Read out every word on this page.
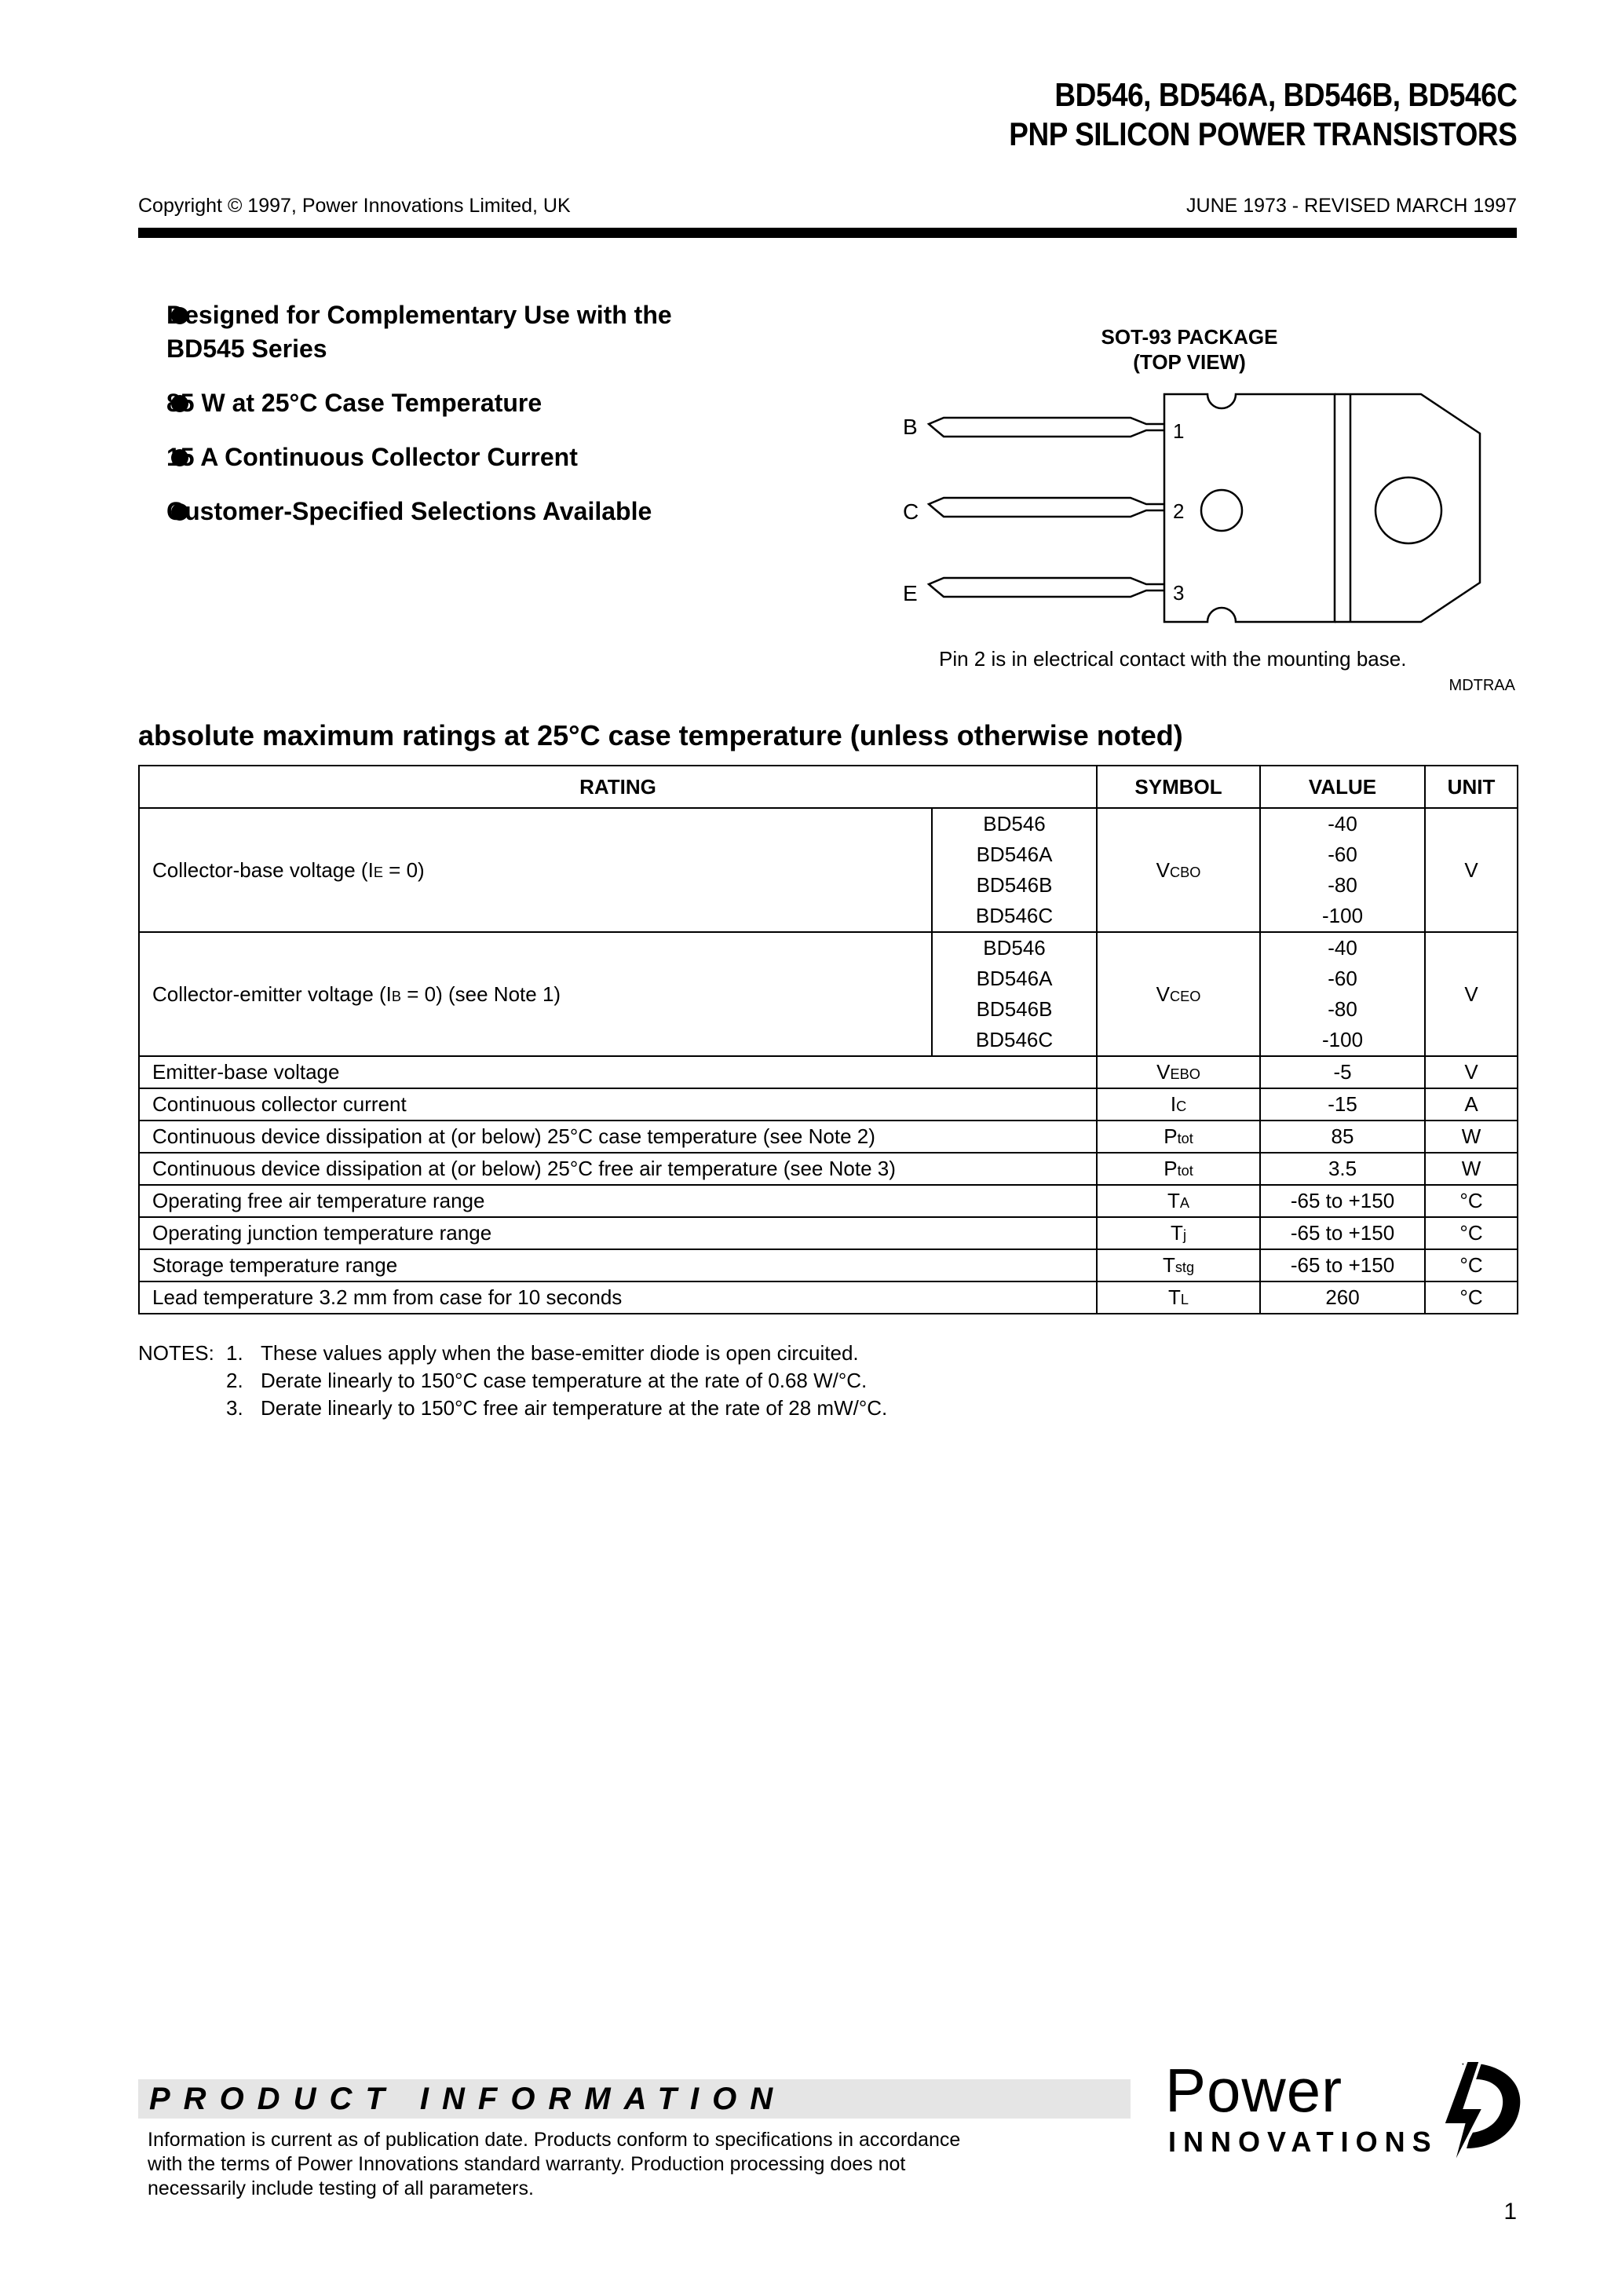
BD546, BD546A, BD546B, BD546C
PNP SILICON POWER TRANSISTORS
Copyright © 1997, Power Innovations Limited, UK	JUNE 1973 - REVISED MARCH 1997
Designed for Complementary Use with the
BD545 Series
85 W at 25°C Case Temperature
15 A Continuous Collector Current
Customer-Specified Selections Available
SOT-93 PACKAGE
(TOP VIEW)
B
C
E
1
2
3
Pin 2 is in electrical contact with the mounting base.
MDTRAA
absolute maximum ratings at 25°C case temperature (unless otherwise noted)
RATING		SYMBOL	VALUE	UNIT
Collector-base voltage $(I_E = 0)$	BD546	$V_{CBO}$	-40	V
	BD546A		-60	
	BD546B		-80	
	BD546C		-100	
Collector-emitter voltage $(I_B = 0)$ (see Note 1)	BD546	$V_{CEO}$	-40	V
	BD546A		-60	
	BD546B		-80	
	BD546C		-100	
Emitter-base voltage		$V_{EBO}$	-5	V
Continuous collector current		$I_C$	-15	A
Continuous device dissipation at (or below) 25°C case temperature (see Note 2)		$P_{tot}$	85	W
Continuous device dissipation at (or below) 25°C free air temperature (see Note 3)		$P_{tot}$	3.5	W
Operating free air temperature range		$T_A$	-65 to +150	°C
Operating junction temperature range		$T_j$	-65 to +150	°C
Storage temperature range		$T_{stg}$	-65 to +150	°C
Lead temperature 3.2 mm from case for 10 seconds		$T_L$	260	°C
NOTES: 1. These values apply when the base-emitter diode is open circuited.
2. Derate linearly to 150°C case temperature at the rate of 0.68 W/°C.
3. Derate linearly to 150°C free air temperature at the rate of 28 mW/°C.
PRODUCT INFORMATION
Information is current as of publication date. Products conform to specifications in accordance
with the terms of Power Innovations standard warranty. Production processing does not
necessarily include testing of all parameters.
Power
INNOVATIONS
1
